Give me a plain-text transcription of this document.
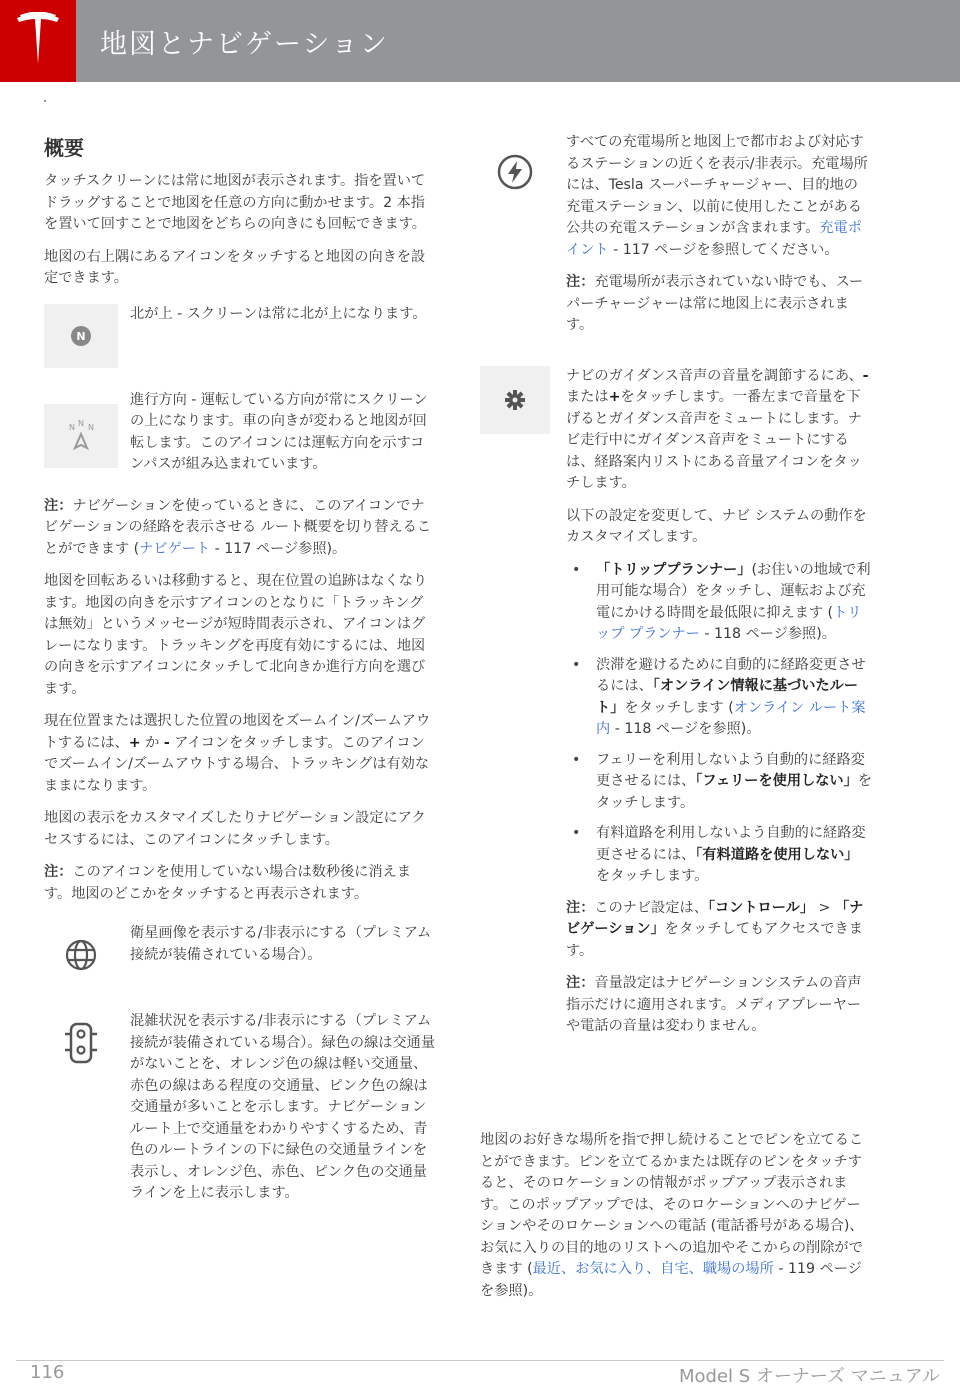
地図とナビゲーション
概要

タッチスクリーンには常に地図が表示されます。指を置いてドラッグすることで地図を任意の方向に動かせます。2 本指を置いて回すことで地図をどちらの向きにも回転できます。

地図の右上隅にあるアイコンをタッチすると地図の向きを設定できます。

N
北が上 - スクリーンは常に北が上になります。
N N N
進行方向 - 運転している方向が常にスクリーンの上になります。車の向きが変わると地図が回転します。このアイコンには運転方向を示すコンパスが組み込まれています。

注：ナビゲーションを使っているときに、このアイコンでナビゲーションの経路を表示させる ルート概要を切り替えることができます (ナビゲート - 117 ページ参照)。

地図を回転あるいは移動すると、現在位置の追跡はなくなります。地図の向きを示すアイコンのとなりに「トラッキングは無効」というメッセージが短時間表示され、アイコンはグレーになります。トラッキングを再度有効にするには、地図の向きを示すアイコンにタッチして北向きか進行方向を選びます。

現在位置または選択した位置の地図をズームイン/ズームアウトするには、+ か - アイコンをタッチします。このアイコンでズームイン/ズームアウトする場合、トラッキングは有効なままになります。

地図の表示をカスタマイズしたりナビゲーション設定にアクセスするには、このアイコンにタッチします。

注：このアイコンを使用していない場合は数秒後に消えます。地図のどこかをタッチすると再表示されます。

衛星画像を表示する/非表示にする（プレミアム接続が装備されている場合）。
混雑状況を表示する/非表示にする（プレミアム接続が装備されている場合）。緑色の線は交通量がないことを、オレンジ色の線は軽い交通量、赤色の線はある程度の交通量、ピンク色の線は交通量が多いことを示します。ナビゲーションルート上で交通量をわかりやすくするため、青色のルートラインの下に緑色の交通量ラインを表示し、オレンジ色、赤色、ピンク色の交通量ラインを上に表示します。

すべての充電場所と地図上で都市および対応するステーションの近くを表示/非表示。充電場所には、Tesla スーパーチャージャー、目的地の充電ステーション、以前に使用したことがある公共の充電ステーションが含まれます。充電ポイント - 117 ページを参照してください。

注：充電場所が表示されていない時でも、スーパーチャージャーは常に地図上に表示されます。

ナビのガイダンス音声の音量を調節するにあ、-または+をタッチします。一番左まで音量を下げるとガイダンス音声をミュートにします。ナビ走行中にガイダンス音声をミュートにするは、経路案内リストにある音量アイコンをタッチします。

以下の設定を変更して、ナビ システムの動作をカスタマイズします。

• 「トリッププランナー」(お住いの地域で利用可能な場合）をタッチし、運転および充電にかける時間を最低限に抑えます (トリップ プランナー - 118 ページ参照)。
• 渋滞を避けるために自動的に経路変更させるには、「オンライン情報に基づいたルート」をタッチします (オンライン ルート案内 - 118 ページを参照)。
• フェリーを利用しないよう自動的に経路変更させるには、「フェリーを使用しない」をタッチします。
• 有料道路を利用しないよう自動的に経路変更させるには、「有料道路を使用しない」をタッチします。

注：このナビ設定は、「コントロール」 > 「ナビゲーション」をタッチしてもアクセスできます。

注：音量設定はナビゲーションシステムの音声指示だけに適用されます。メディアプレーヤーや電話の音量は変わりません。

地図のお好きな場所を指で押し続けることでピンを立てることができます。ピンを立てるかまたは既存のピンをタッチすると、そのロケーションの情報がポップアップ表示されます。このポップアップでは、そのロケーションへのナビゲーションやそのロケーションへの電話 (電話番号がある場合)、お気に入りの目的地のリストへの追加やそこからの削除ができます (最近、お気に入り、自宅、職場の場所 - 119 ページを参照)。
116	Model S オーナーズ マニュアル
